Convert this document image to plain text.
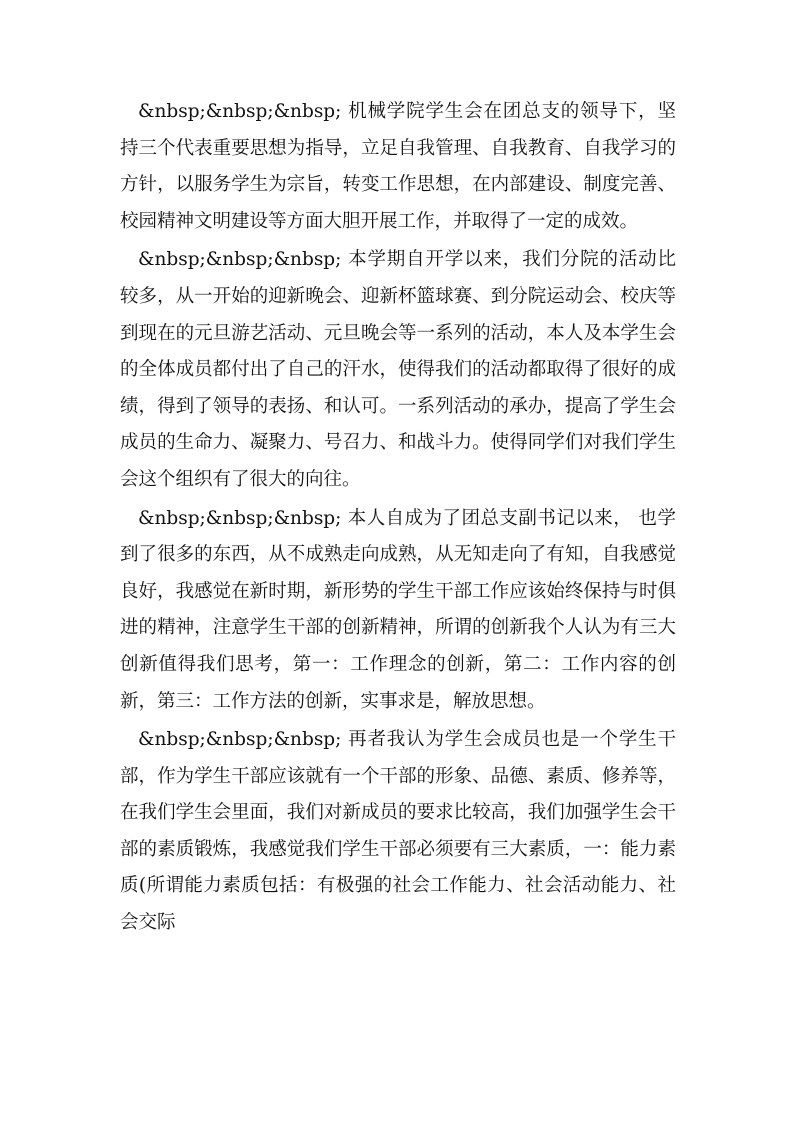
&nbsp;&nbsp;&nbsp; 机械学院学生会在团总支的领导下，坚持三个代表重要思想为指导，立足自我管理、自我教育、自我学习的方针，以服务学生为宗旨，转变工作思想，在内部建设、制度完善、校园精神文明建设等方面大胆开展工作，并取得了一定的成效。

&nbsp;&nbsp;&nbsp; 本学期自开学以来，我们分院的活动比较多，从一开始的迎新晚会、迎新杯篮球赛、到分院运动会、校庆等到现在的元旦游艺活动、元旦晚会等一系列的活动，本人及本学生会的全体成员都付出了自己的汗水，使得我们的活动都取得了很好的成绩，得到了领导的表扬、和认可。一系列活动的承办，提高了学生会成员的生命力、凝聚力、号召力、和战斗力。使得同学们对我们学生会这个组织有了很大的向往。

&nbsp;&nbsp;&nbsp; 本人自成为了团总支副书记以来， 也学到了很多的东西，从不成熟走向成熟，从无知走向了有知，自我感觉良好，我感觉在新时期，新形势的学生干部工作应该始终保持与时俱进的精神，注意学生干部的创新精神，所谓的创新我个人认为有三大创新值得我们思考，第一：工作理念的创新，第二：工作内容的创新，第三：工作方法的创新，实事求是，解放思想。

&nbsp;&nbsp;&nbsp; 再者我认为学生会成员也是一个学生干部，作为学生干部应该就有一个干部的形象、品德、素质、修养等，在我们学生会里面，我们对新成员的要求比较高，我们加强学生会干部的素质锻炼，我感觉我们学生干部必须要有三大素质，一：能力素质(所谓能力素质包括：有极强的社会工作能力、社会活动能力、社会交际
